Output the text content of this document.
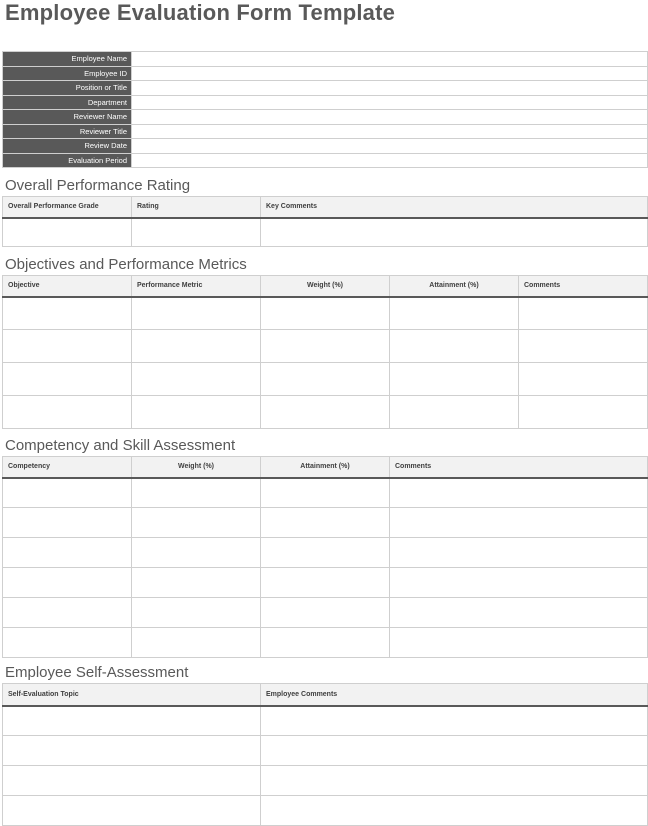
Employee Evaluation Form Template
Employee Name	
Employee ID	
Position or Title	
Department	
Reviewer Name	
Reviewer Title	
Review Date	
Evaluation Period	
Overall Performance Rating
Overall Performance Grade	Rating	Key Comments

Objectives and Performance Metrics
Objective	Performance Metric	Weight (%)	Attainment (%)	Comments

Competency and Skill Assessment
Competency	Weight (%)	Attainment (%)	Comments

Employee Self-Assessment
Self-Evaluation Topic	Employee Comments
